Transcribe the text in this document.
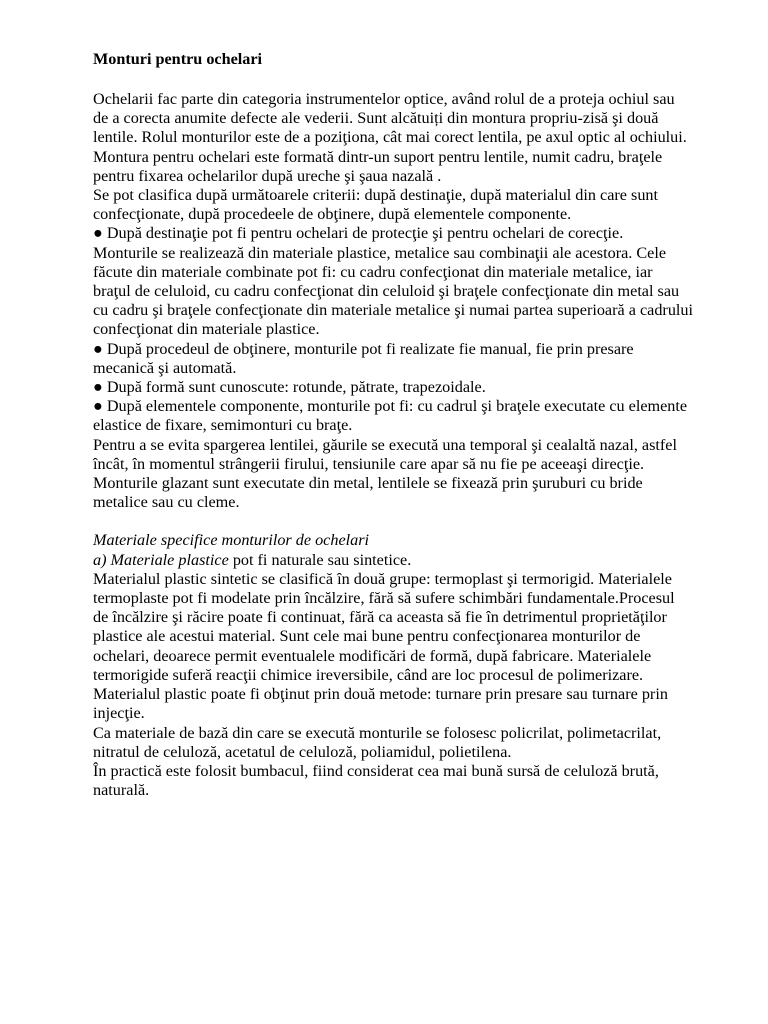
Monturi pentru ochelari

Ochelarii fac parte din categoria instrumentelor optice, având rolul de a proteja ochiul sau de a corecta anumite defecte ale vederii. Sunt alcătuiți din montura propriu-zisă şi două lentile. Rolul monturilor este de a poziţiona, cât mai corect lentila, pe axul optic al ochiului. Montura pentru ochelari este formată dintr-un suport pentru lentile, numit cadru, braţele pentru fixarea ochelarilor după ureche şi şaua nazală .

Se pot clasifica după următoarele criterii: după destinaţie, după materialul din care sunt confecţionate, după procedeele de obţinere, după elementele componente.

● După destinaţie pot fi pentru ochelari de protecţie şi pentru ochelari de corecţie.

Monturile se realizează din materiale plastice, metalice sau combinaţii ale acestora. Cele făcute din materiale combinate pot fi: cu cadru confecţionat din materiale metalice, iar braţul de celuloid, cu cadru confecţionat din celuloid şi braţele confecţionate din metal sau cu cadru şi braţele confecţionate din materiale metalice şi numai partea superioară a cadrului confecţionat din materiale plastice.

● După procedeul de obţinere, monturile pot fi realizate fie manual, fie prin presare mecanică şi automată.

● După formă sunt cunoscute: rotunde, pătrate, trapezoidale.

● După elementele componente, monturile pot fi: cu cadrul şi braţele executate cu elemente elastice de fixare, semimonturi cu braţe.

Pentru a se evita spargerea lentilei, găurile se execută una temporal şi cealaltă nazal, astfel încât, în momentul strângerii firului, tensiunile care apar să nu fie pe aceeaşi direcţie. Monturile glazant sunt executate din metal, lentilele se fixează prin şuruburi cu bride metalice sau cu cleme.

Materiale specifice monturilor de ochelari

a) Materiale plastice pot fi naturale sau sintetice.

Materialul plastic sintetic se clasifică în două grupe: termoplast şi termorigid. Materialele termoplaste pot fi modelate prin încălzire, fără să sufere schimbări fundamentale.Procesul de încălzire şi răcire poate fi continuat, fără ca aceasta să fie în detrimentul proprietăţilor plastice ale acestui material. Sunt cele mai bune pentru confecţionarea monturilor de ochelari, deoarece permit eventualele modificări de formă, după fabricare. Materialele termorigide suferă reacţii chimice ireversibile, când are loc procesul de polimerizare.

Materialul plastic poate fi obţinut prin două metode: turnare prin presare sau turnare prin injecţie.

Ca materiale de bază din care se execută monturile se folosesc policrilat, polimetacrilat, nitratul de celuloză, acetatul de celuloză, poliamidul, polietilena.

În practică este folosit bumbacul, fiind considerat cea mai bună sursă de celuloză brută, naturală.
